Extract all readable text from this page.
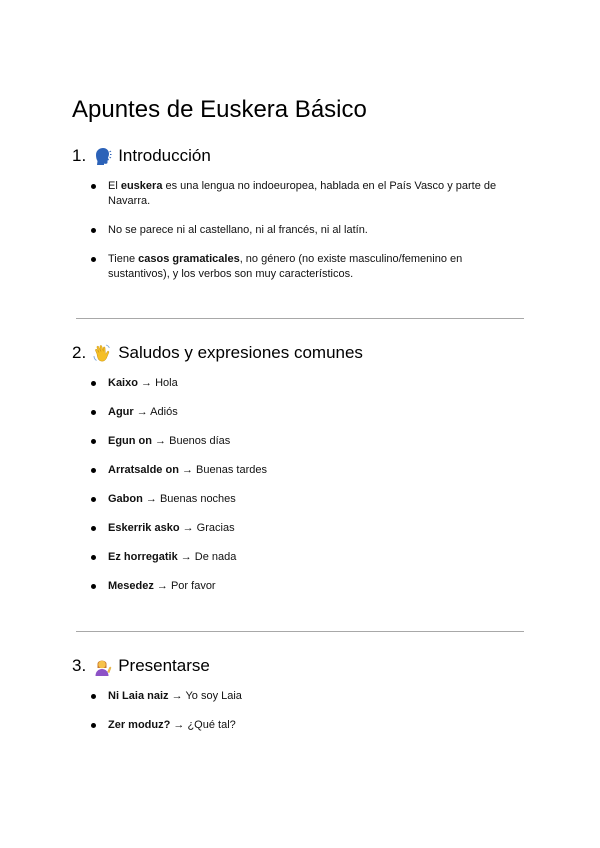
Apuntes de Euskera Básico
1. Introducción
El euskera es una lengua no indoeuropea, hablada en el País Vasco y parte de Navarra.
No se parece ni al castellano, ni al francés, ni al latín.
Tiene casos gramaticales, no género (no existe masculino/femenino en sustantivos), y los verbos son muy característicos.
2. Saludos y expresiones comunes
Kaixo → Hola
Agur → Adiós
Egun on → Buenos días
Arratsalde on → Buenas tardes
Gabon → Buenas noches
Eskerrik asko → Gracias
Ez horregatik → De nada
Mesedez → Por favor
3. Presentarse
Ni Laia naiz → Yo soy Laia
Zer moduz? → ¿Qué tal?
